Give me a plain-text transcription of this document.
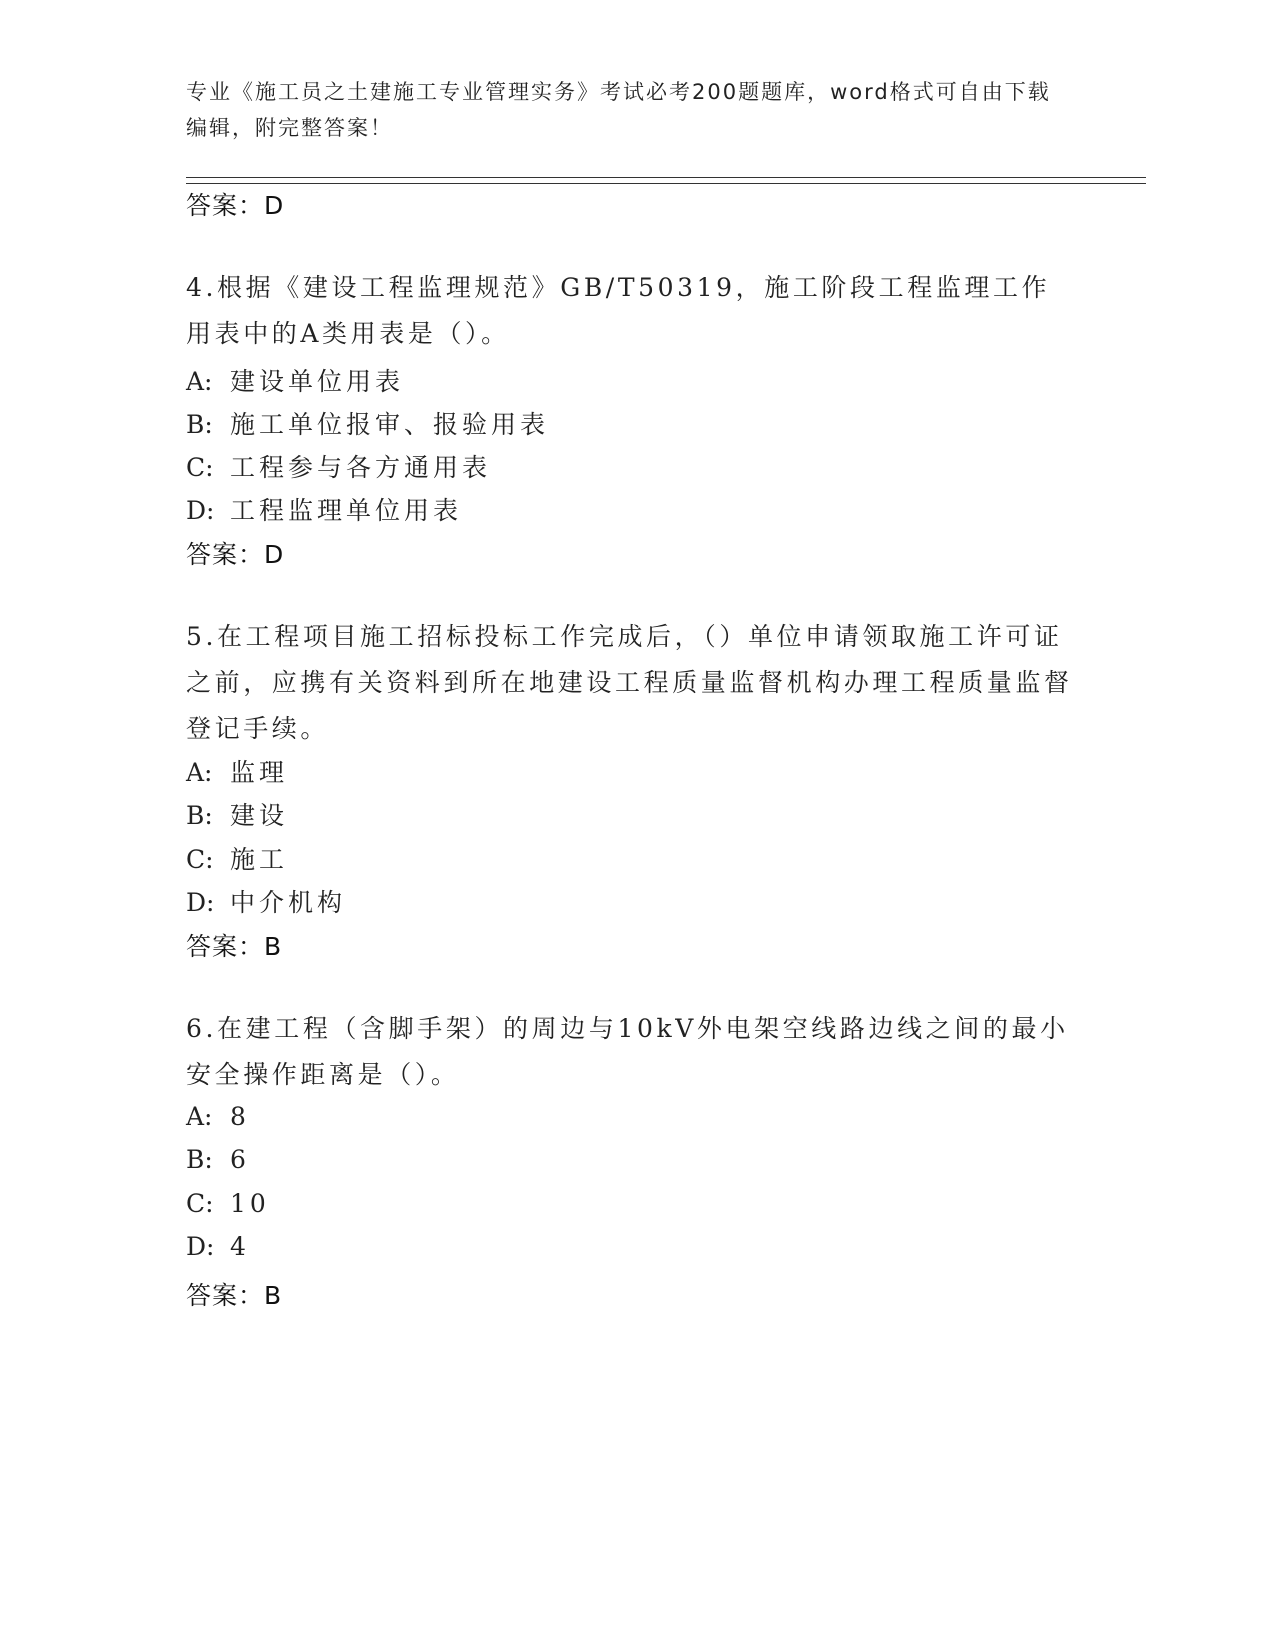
专业《施工员之土建施工专业管理实务》考试必考200题题库，word格式可自由下载编辑，附完整答案！
答案：D
4.根据《建设工程监理规范》GB/T50319，施工阶段工程监理工作用表中的A类用表是（）。
A: 建设单位用表
B: 施工单位报审、报验用表
C: 工程参与各方通用表
D: 工程监理单位用表
答案：D
5.在工程项目施工招标投标工作完成后，（）单位申请领取施工许可证之前，应携有关资料到所在地建设工程质量监督机构办理工程质量监督登记手续。
A: 监理
B: 建设
C: 施工
D: 中介机构
答案：B
6.在建工程（含脚手架）的周边与10kV外电架空线路边线之间的最小安全操作距离是（）。
A: 8
B: 6
C: 10
D: 4
答案：B
